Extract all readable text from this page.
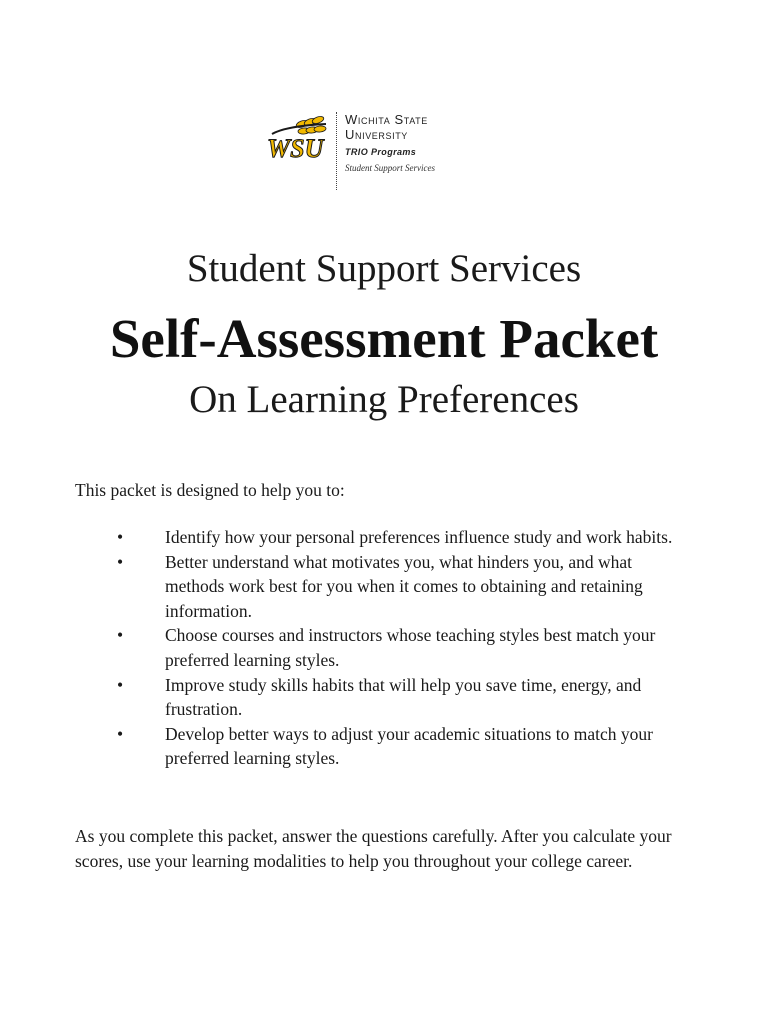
WSU
Wichita State
University
TRIO Programs
Student Support Services
Student Support Services
Self-Assessment Packet
On Learning Preferences
This packet is designed to help you to:
• Identify how your personal preferences influence study and work habits.
• Better understand what motivates you, what hinders you, and what methods work best for you when it comes to obtaining and retaining information.
• Choose courses and instructors whose teaching styles best match your preferred learning styles.
• Improve study skills habits that will help you save time, energy, and frustration.
• Develop better ways to adjust your academic situations to match your preferred learning styles.
As you complete this packet, answer the questions carefully. After you calculate your scores, use your learning modalities to help you throughout your college career.
